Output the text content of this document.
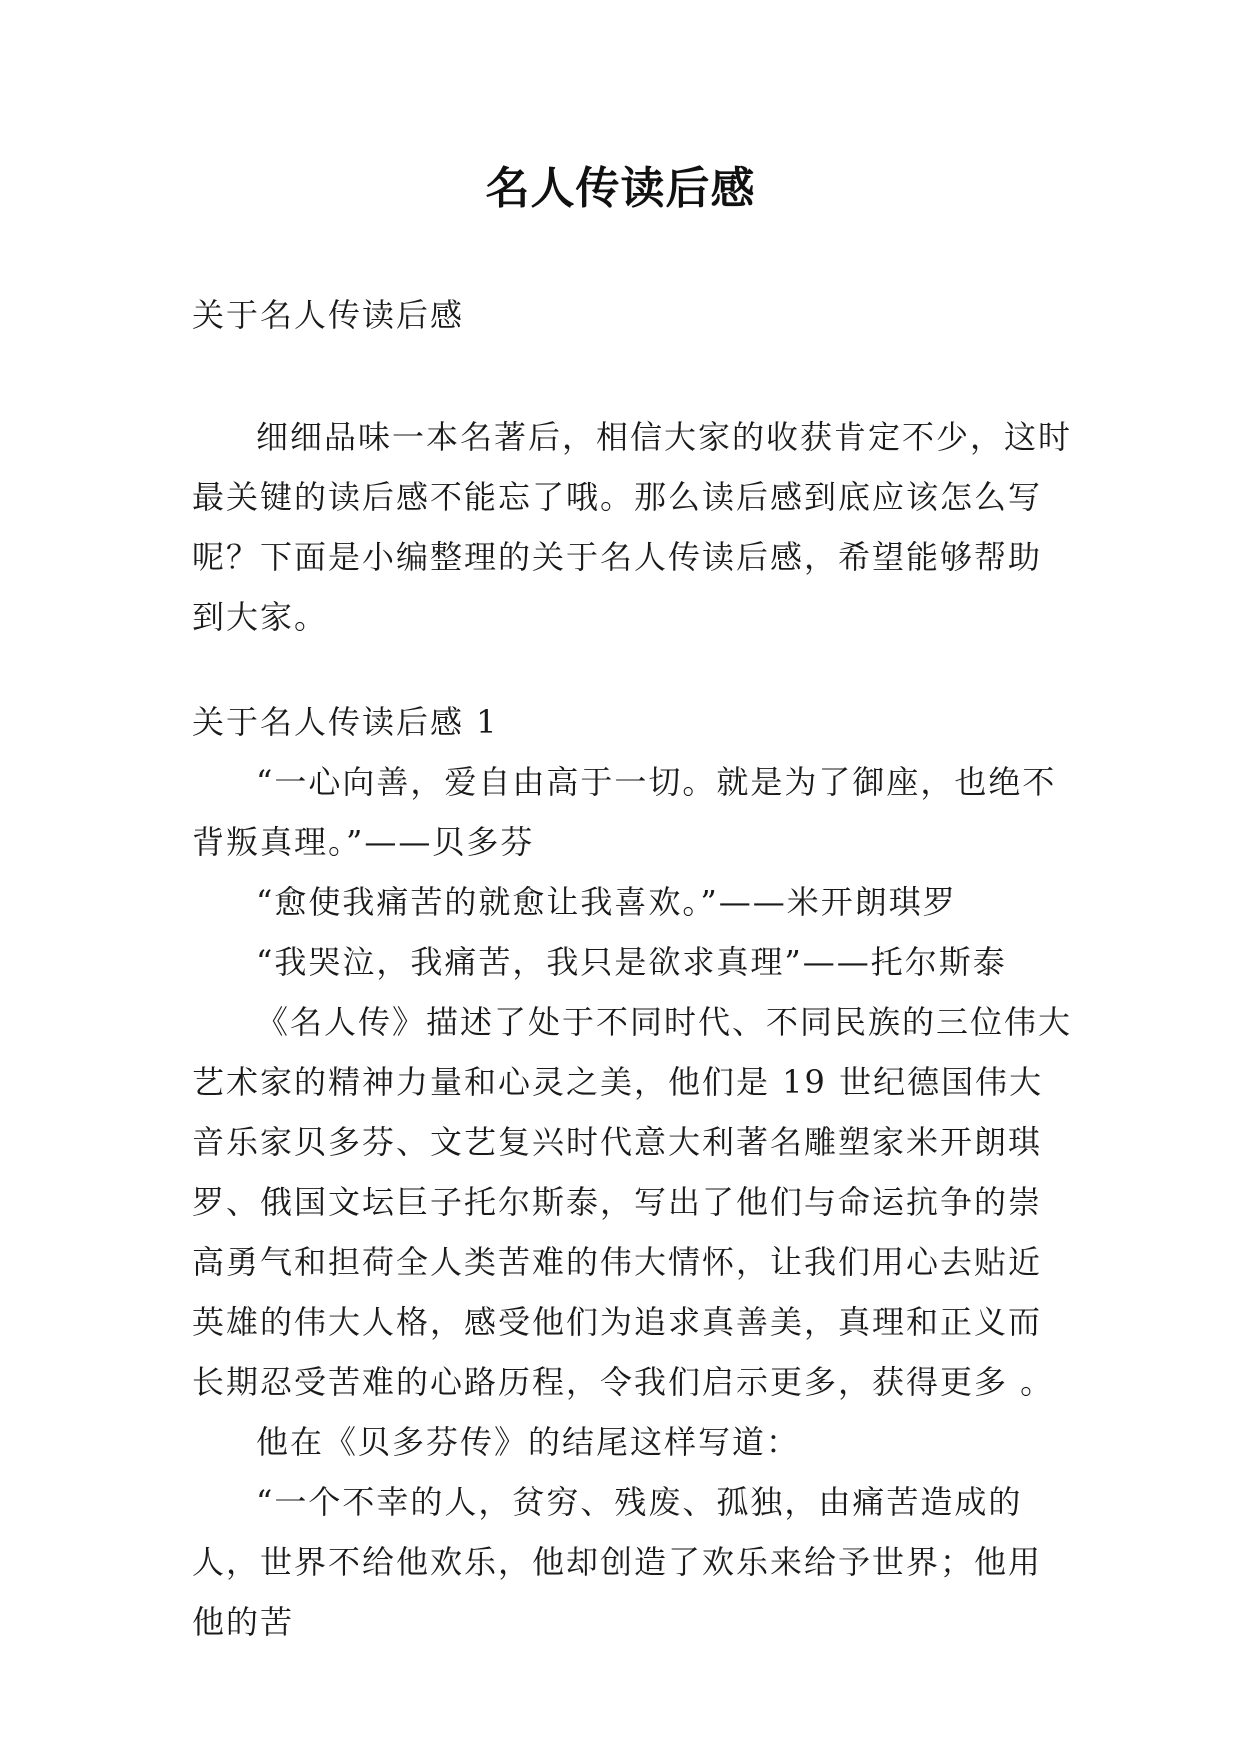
名人传读后感

关于名人传读后感

细细品味一本名著后，相信大家的收获肯定不少，这时最关键的读后感不能忘了哦。那么读后感到底应该怎么写呢？下面是小编整理的关于名人传读后感，希望能够帮助到大家。

关于名人传读后感 1

“一心向善，爱自由高于一切。就是为了御座，也绝不背叛真理。”——贝多芬

“愈使我痛苦的就愈让我喜欢。”——米开朗琪罗

“我哭泣，我痛苦，我只是欲求真理”——托尔斯泰

《名人传》描述了处于不同时代、不同民族的三位伟大艺术家的精神力量和心灵之美，他们是 19 世纪德国伟大音乐家贝多芬、文艺复兴时代意大利著名雕塑家米开朗琪罗、俄国文坛巨子托尔斯泰，写出了他们与命运抗争的崇高勇气和担荷全人类苦难的伟大情怀，让我们用心去贴近英雄的伟大人格，感受他们为追求真善美，真理和正义而长期忍受苦难的心路历程，令我们启示更多，获得更多 。

他在《贝多芬传》的结尾这样写道：

“一个不幸的人，贫穷、残废、孤独，由痛苦造成的人，世界不给他欢乐，他却创造了欢乐来给予世界；他用他的苦
